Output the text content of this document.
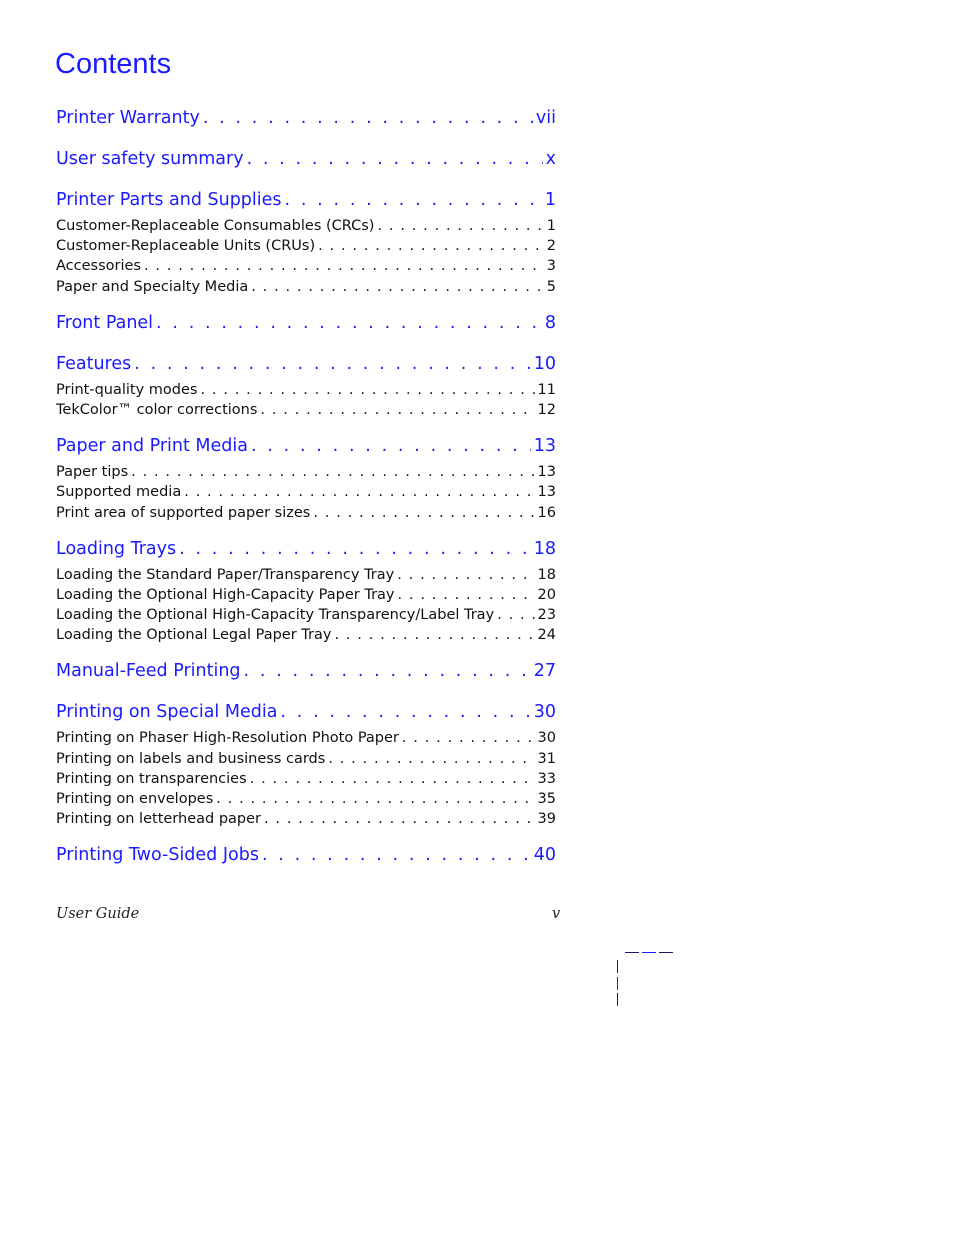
Contents
Printer Warranty . . .	vii
User safety summary . . .	x
Printer Parts and Supplies . . .	1
Customer-Replaceable Consumables (CRCs) . . .	1
Customer-Replaceable Units (CRUs) . . .	2
Accessories . . .	3
Paper and Specialty Media . . .	5
Front Panel . . .	8
Features . . .	10
Print-quality modes . . .	11
TekColor™ color corrections . . .	12
Paper and Print Media . . .	13
Paper tips . . .	13
Supported media . . .	13
Print area of supported paper sizes . . .	16
Loading Trays . . .	18
Loading the Standard Paper/Transparency Tray . . .	18
Loading the Optional High-Capacity Paper Tray . . .	20
Loading the Optional High-Capacity Transparency/Label Tray . . .	23
Loading the Optional Legal Paper Tray . . .	24
Manual-Feed Printing . . .	27
Printing on Special Media . . .	30
Printing on Phaser High-Resolution Photo Paper . . .	30
Printing on labels and business cards . . .	31
Printing on transparencies . . .	33
Printing on envelopes . . .	35
Printing on letterhead paper . . .	39
Printing Two-Sided Jobs . . .	40
User Guide	v
